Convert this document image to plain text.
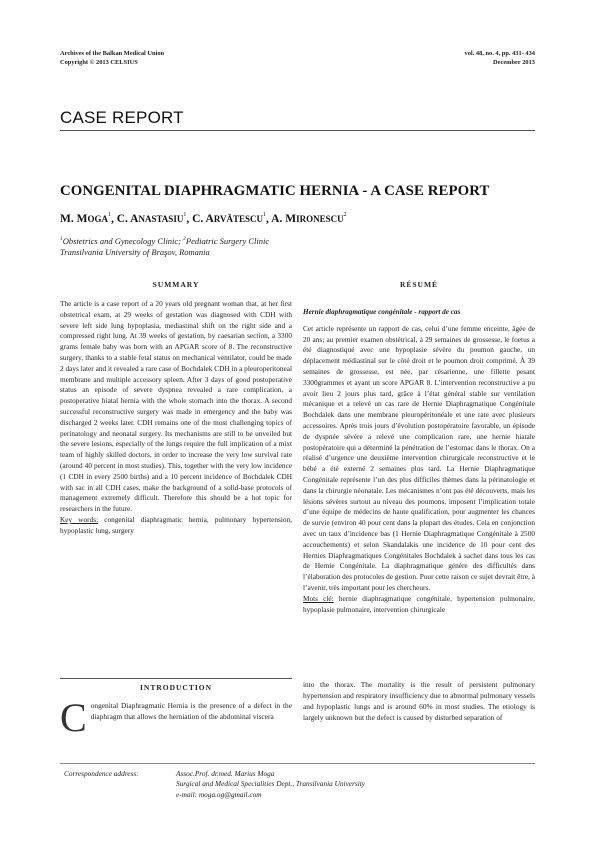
Archives of the Balkan Medical Union
Copyright © 2013 CELSIUS
vol. 48, no. 4, pp. 431- 434
December 2013
CASE REPORT
CONGENITAL DIAPHRAGMATIC HERNIA - A CASE REPORT
M. MOGA$^1$, C. ANASTASIU$^1$, C. ARVĂTESCU$^1$, A. MIRONESCU$^2$
$^1$Obstetrics and Gynecology Clinic; $^2$Pediatric Surgery Clinic
Transilvania University of Braşov, Romania
SUMMARY

The article is a case report of a 20 years old pregnant woman that, at her first obstetrical exam, at 29 weeks of gestation was diagnosed with CDH with severe left side lung hypoplasia, mediastinal shift on the right side and a compressed right lung. At 39 weeks of gestation, by caesarian section, a 3300 grams female baby was born with an APGAR score of 8. The reconstructive surgery, thanks to a stable fetal status on mechanical ventilator, could be made 2 days later and it revealed a rare case of Bochdalek CDH in a pleuroperitoneal membrane and multiple accessory spleen. After 3 days of good postoperative status an episode of severe dyspnea revealed a rare complication, a postoperative hiatal hernia with the whole stomach into the thorax. A second successful reconstructive surgery was made in emergency and the baby was discharged 2 weeks later. CDH remains one of the most challenging topics of perinatology and neonatal surgery. Its mechanisms are still to be unveiled but the severe lesions, especially of the lungs require the full implication of a mixt team of highly skilled doctors, in order to increase the very low survival rate (around 40 percent in most studies). This, together with the very low incidence (1 CDH in every 2500 births) and a 10 percent incidence of Bochdalek CDH with sac in all CDH cases, make the background of a solid-base protocols of management extremely difficult. Therefore this should be a hot topic for researchers in the future.

Key words: congenital diaphragmatic hernia, pulmonary hypertension, hypoplastic lung, surgery

RÉSUMÉ

Hernie diaphragmatique congénitale - rapport de cas

Cet article représente un rapport de cas, celui d’une femme enceinte, âgée de 20 ans; au premier examen obstétrical, à 29 semaines de grossesse, le foetus a été diagnostiqué avec une hypoplasie sévère du poumon gauche, un déplacement médiastinal sur le côté droit et le poumon droit comprimé. À 39 semaines de grossesse, est née, par césarienne, une fillette pesant 3300grammes et ayant un score APGAR 8. L’intervention reconstructive a pu avoir lieu 2 jours plus tard, grâce à l’état général stable sur ventilation mécanique et a relevé un cas rare de Hernie Diaphragmatique Congénitale Bochdalek dans une membrane pleuropéritonéale et une rate avec plusieurs accessoires. Après trois jours d’évolution postopératoire favorable, un épisode de dyspnée sévère a relevé une complication rare, une hernie hiatale postopératoire qui a déterminé la pénétration de l’estomac dans le thorax. On a réalisé d’urgence une deuxième intervention chirurgicale reconstructive et le bébé a été externé 2 semaines plus tard. La Hernie Diaphragmatique Congénitale représente l’un des plus difficiles thèmes dans la périnatologie et dans la chirurgie néonatale. Les mécanismes n’ont pas été découverts, mais les lésions sévères surtout au niveau des poumons, imposent l’implication totale d’une équipe de médecins de haute qualification, pour augmenter les chances de survie (environ 40 pour cent dans la plupart des études. Cela en conjonction avec un taux d’incidence bas (1 Hernie Diaphragmatique Congénitale à 2500 accouchements) et selon Skandalakis une incidence de 10 pour cent des Hernies Diaphragmatiques Congénitales Bochdalek à sachet dans tous les cas de Hernie Congénitale. La diaphragmatique génère des difficultés dans l’élaboration des protocoles de gestion. Pour cette raison ce sujet devrait être, à l’avenir, très important pour les chercheurs.

Mots clé: hernie diaphragmatique congénitale, hypertension pulmonaire, hypoplasie pulmonaire, intervention chirurgicale

INTRODUCTION
C ongenital Diaphragmatic Hernia is the presence of a defect in the diaphragm that allows the herniation of the abdominal viscera
into the thorax. The mortality is the result of persistent pulmonary hypertension and respiratory insufficiency due to abnormal pulmonary vessels and hypoplastic lungs and is around 60% in most studies. The etiology is largely unknown but the defect is caused by disturbed separation of
Correspondence address:	Assoc.Prof. dr.med. Marius Moga
Surgical and Medical Specialities Dept., Transilvania University
e-mail: moga.og@gmail.com
